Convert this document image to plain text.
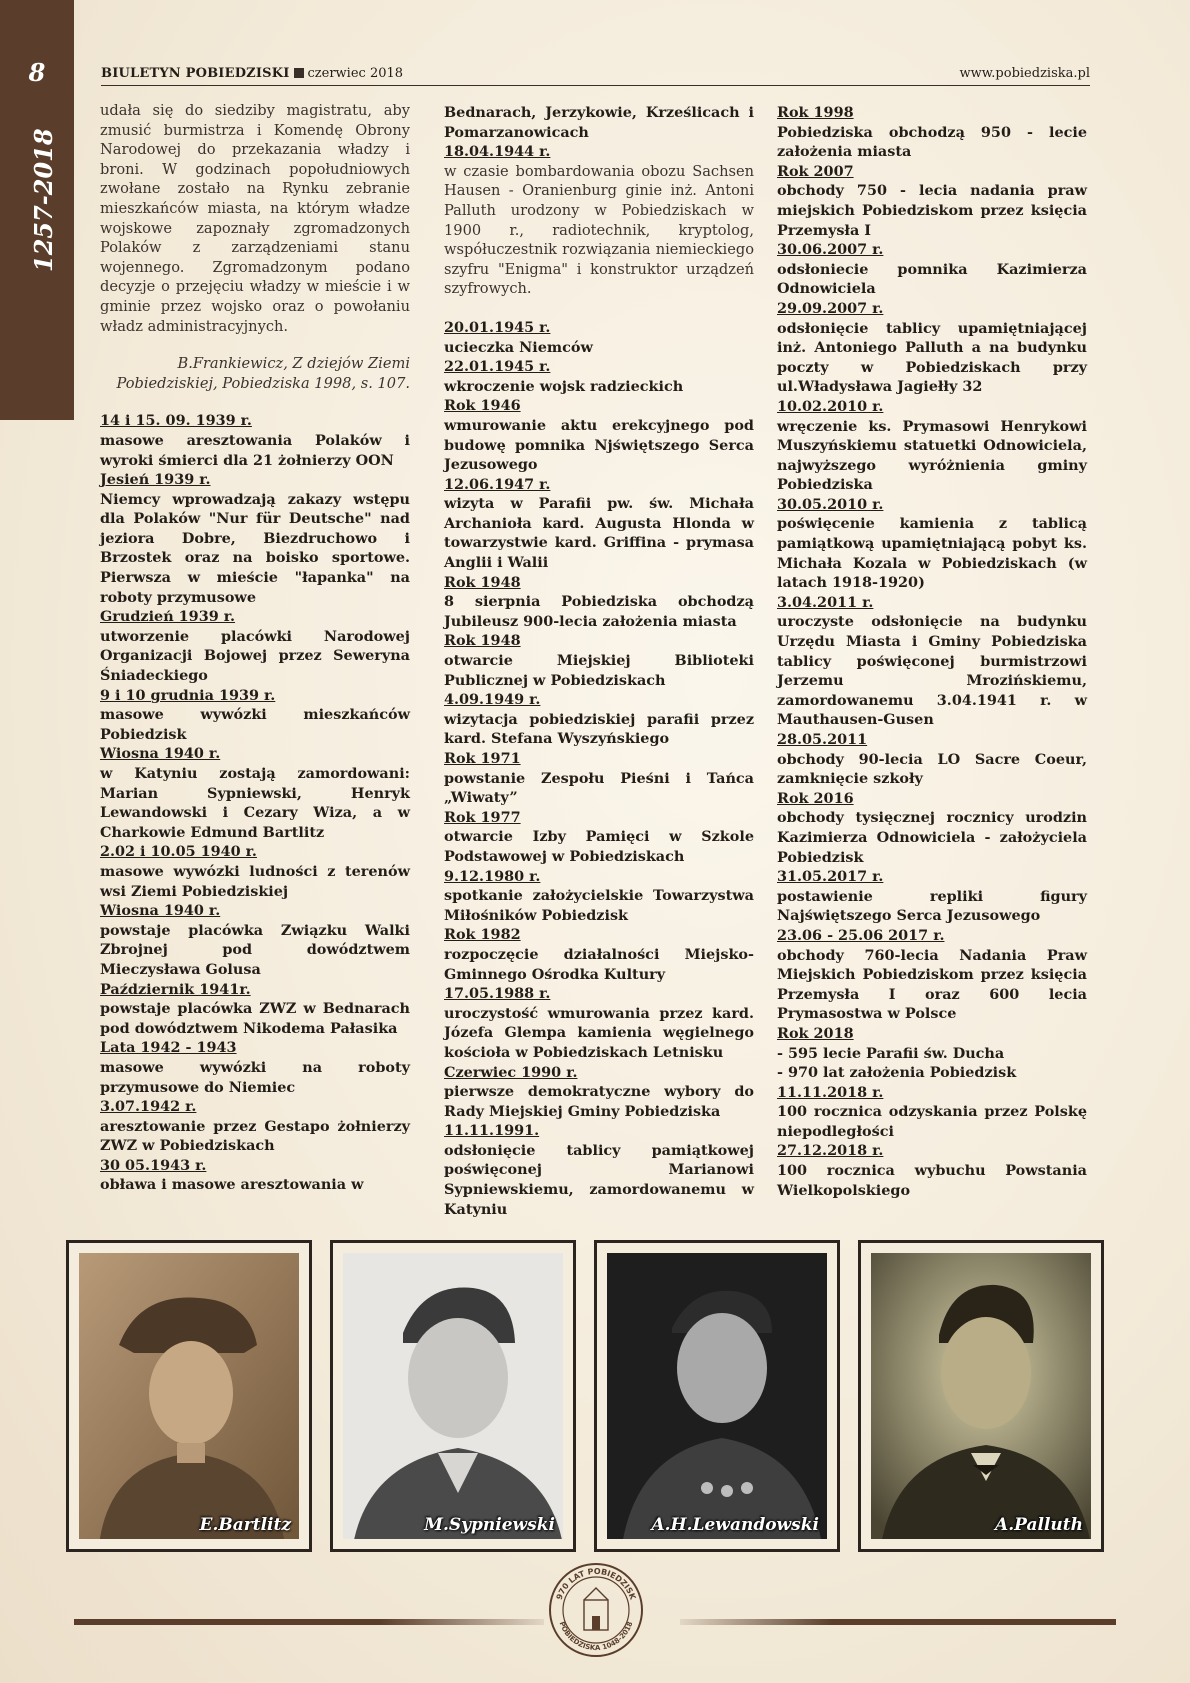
8
1257-2018
BIULETYN POBIEDZISKI czerwiec 2018	www.pobiedziska.pl

udała się do siedziby magistratu, aby zmusić burmistrza i Komendę Obrony Narodowej do przekazania władzy i broni. W godzinach popołudniowych zwołane zostało na Rynku zebranie mieszkańców miasta, na którym władze wojskowe zapoznały zgromadzonych Polaków z zarządzeniami stanu wojennego. Zgromadzonym podano decyzje o przejęciu władzy w mieście i w gminie przez wojsko oraz o powołaniu władz administracyjnych.

B.Frankiewicz, Z dziejów Ziemi Pobiedziskiej, Pobiedziska 1998, s. 107.

14 i 15. 09. 1939 r.

masowe aresztowania Polaków i wyroki śmierci dla 21 żołnierzy OON

Jesień 1939 r.

Niemcy wprowadzają zakazy wstępu dla Polaków "Nur für Deutsche" nad jeziora Dobre, Biezdruchowo i Brzostek oraz na boisko sportowe. Pierwsza w mieście "łapanka" na roboty przymusowe

Grudzień 1939 r.

utworzenie placówki Narodowej Organizacji Bojowej przez Seweryna Śniadeckiego

9 i 10 grudnia 1939 r.

masowe wywózki mieszkańców Pobiedzisk

Wiosna 1940 r.

w Katyniu zostają zamordowani: Marian Sypniewski, Henryk Lewandowski i Cezary Wiza, a w Charkowie Edmund Bartlitz

2.02 i 10.05 1940 r.

masowe wywózki ludności z terenów wsi Ziemi Pobiedziskiej

Wiosna 1940 r.

powstaje placówka Związku Walki Zbrojnej pod dowództwem Mieczysława Golusa

Październik 1941r.

powstaje placówka ZWZ w Bednarach pod dowództwem Nikodema Pałasika

Lata 1942 - 1943

masowe wywózki na roboty przymusowe do Niemiec

3.07.1942 r.

aresztowanie przez Gestapo żołnierzy ZWZ w Pobiedziskach

30 05.1943 r.

obława i masowe aresztowania w

Bednarach, Jerzykowie, Krześlicach i Pomarzanowicach

18.04.1944 r.

w czasie bombardowania obozu Sachsen Hausen - Oranienburg ginie inż. Antoni Palluth urodzony w Pobiedziskach w 1900 r., radiotechnik, kryptolog, współuczestnik rozwiązania niemieckiego szyfru "Enigma" i konstruktor urządzeń szyfrowych.

20.01.1945 r.

ucieczka Niemców

22.01.1945 r.

wkroczenie wojsk radzieckich

Rok 1946

wmurowanie aktu erekcyjnego pod budowę pomnika Njświętszego Serca Jezusowego

12.06.1947 r.

wizyta w Parafii pw. św. Michała Archanioła kard. Augusta Hlonda w towarzystwie kard. Griffina - prymasa Anglii i Walii

Rok 1948

8 sierpnia Pobiedziska obchodzą Jubileusz 900-lecia założenia miasta

Rok 1948

otwarcie Miejskiej Biblioteki Publicznej w Pobiedziskach

4.09.1949 r.

wizytacja pobiedziskiej parafii przez kard. Stefana Wyszyńskiego

Rok 1971

powstanie Zespołu Pieśni i Tańca „Wiwaty”

Rok 1977

otwarcie Izby Pamięci w Szkole Podstawowej w Pobiedziskach

9.12.1980 r.

spotkanie założycielskie Towarzystwa Miłośników Pobiedzisk

Rok 1982

rozpoczęcie działalności Miejsko-Gminnego Ośrodka Kultury

17.05.1988 r.

uroczystość wmurowania przez kard. Józefa Glempa kamienia węgielnego kościoła w Pobiedziskach Letnisku

Czerwiec 1990 r.

pierwsze demokratyczne wybory do Rady Miejskiej Gminy Pobiedziska

11.11.1991.

odsłonięcie tablicy pamiątkowej poświęconej Marianowi Sypniewskiemu, zamordowanemu w Katyniu

Rok 1998

Pobiedziska obchodzą 950 - lecie założenia miasta

Rok 2007

obchody 750 - lecia nadania praw miejskich Pobiedziskom przez księcia Przemysła I

30.06.2007 r.

odsłoniecie pomnika Kazimierza Odnowiciela

29.09.2007 r.

odsłonięcie tablicy upamiętniającej inż. Antoniego Palluth a na budynku poczty w Pobiedziskach przy ul.Władysława Jagiełły 32

10.02.2010 r.

wręczenie ks. Prymasowi Henrykowi Muszyńskiemu statuetki Odnowiciela, najwyższego wyróżnienia gminy Pobiedziska

30.05.2010 r.

poświęcenie kamienia z tablicą pamiątkową upamiętniającą pobyt ks. Michała Kozala w Pobiedziskach (w latach 1918-1920)

3.04.2011 r.

uroczyste odsłonięcie na budynku Urzędu Miasta i Gminy Pobiedziska tablicy poświęconej burmistrzowi Jerzemu Mrozińskiemu, zamordowanemu 3.04.1941 r. w Mauthausen-Gusen

28.05.2011

obchody 90-lecia LO Sacre Coeur, zamknięcie szkoły

Rok 2016

obchody tysięcznej rocznicy urodzin Kazimierza Odnowiciela - założyciela Pobiedzisk

31.05.2017 r.

postawienie repliki figury Najświętszego Serca Jezusowego

23.06 - 25.06 2017 r.

obchody 760-lecia Nadania Praw Miejskich Pobiedziskom przez księcia Przemysła I oraz 600 lecia Prymasostwa w Polsce

Rok 2018

- 595 lecie Parafii św. Ducha
- 970 lat założenia Pobiedzisk

11.11.2018 r.

100 rocznica odzyskania przez Polskę niepodległości

27.12.2018 r.

100 rocznica wybuchu Powstania Wielkopolskiego

E.Bartlitz	M.Sypniewski	A.H.Lewandowski	A.Palluth
970 LAT POBIEDZISK
POBIEDZISKA 1048-2018
